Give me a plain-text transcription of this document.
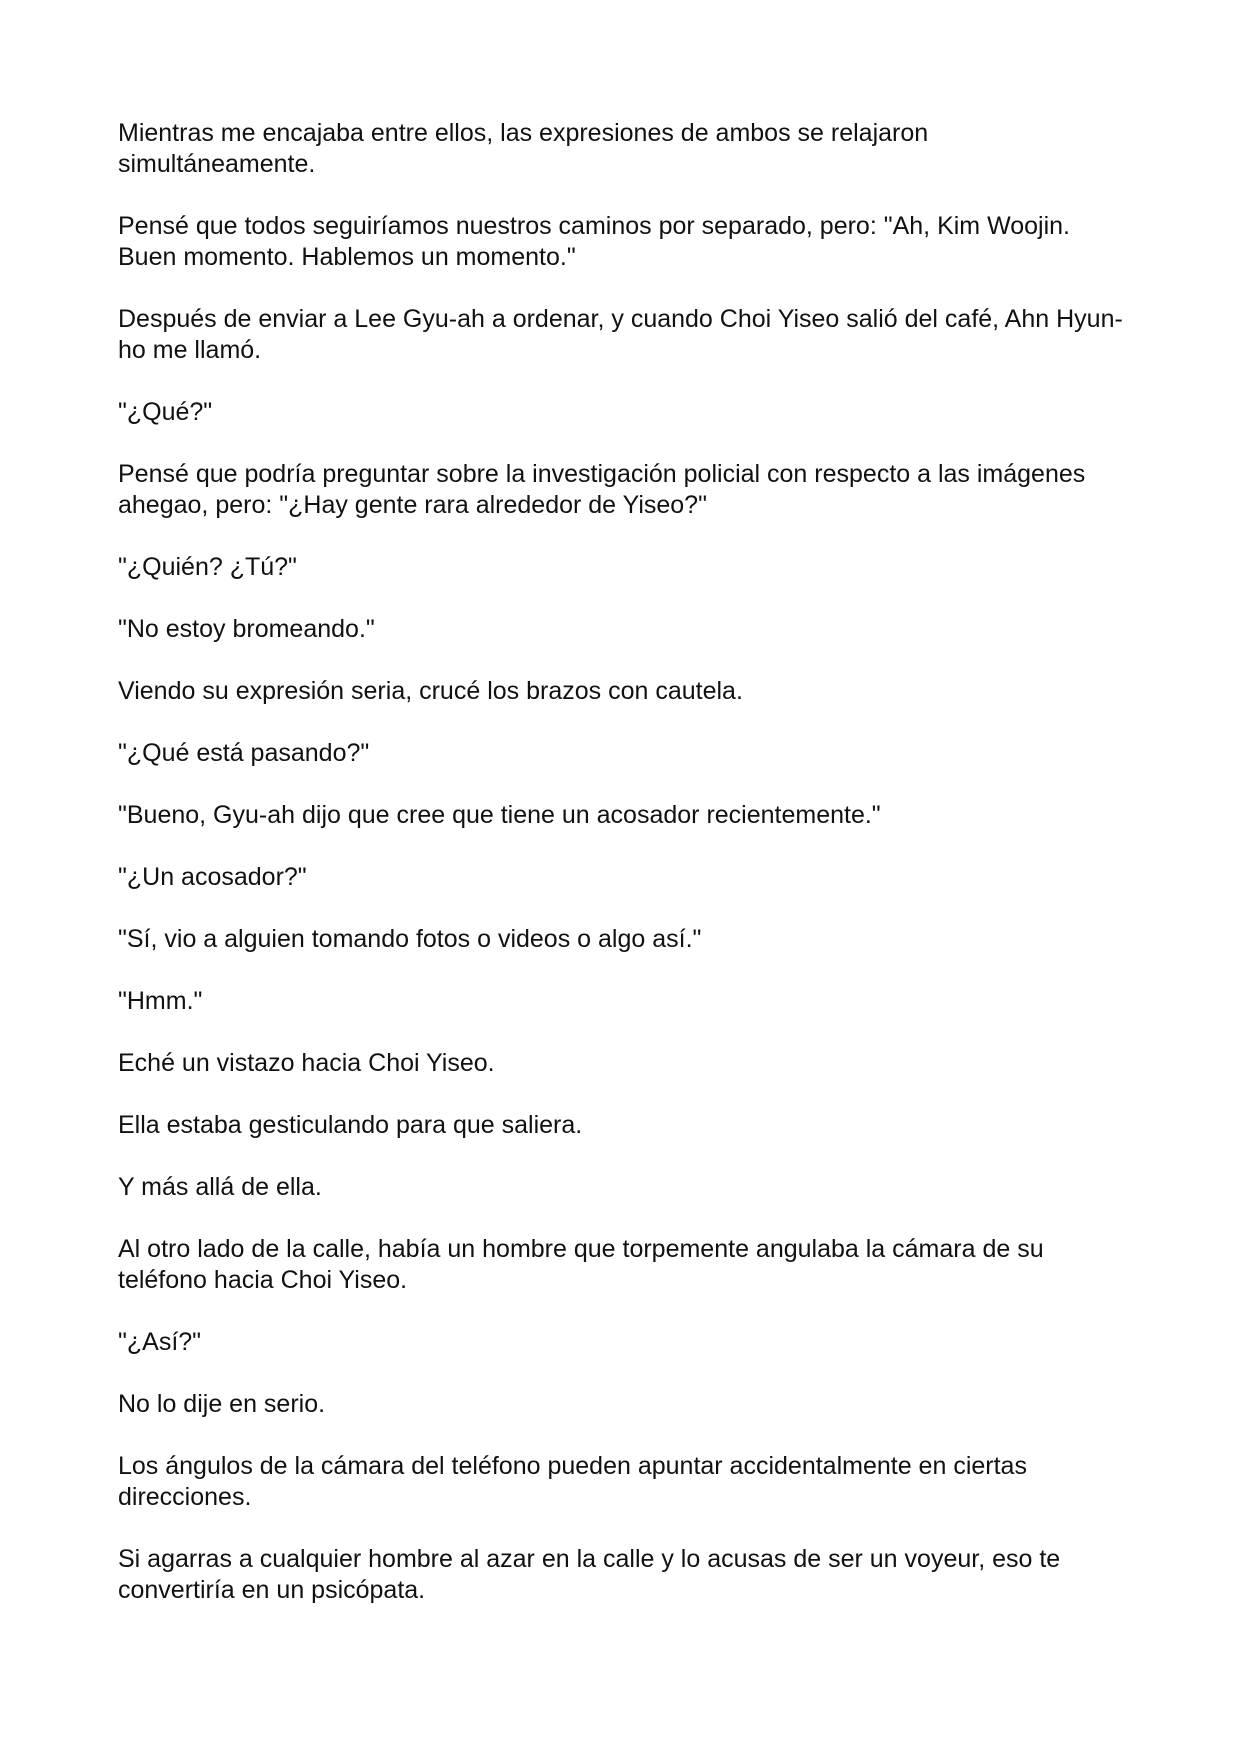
Mientras me encajaba entre ellos, las expresiones de ambos se relajaron simultáneamente.

Pensé que todos seguiríamos nuestros caminos por separado, pero: "Ah, Kim Woojin. Buen momento. Hablemos un momento."

Después de enviar a Lee Gyu-ah a ordenar, y cuando Choi Yiseo salió del café, Ahn Hyun-ho me llamó.

"¿Qué?"

Pensé que podría preguntar sobre la investigación policial con respecto a las imágenes ahegao, pero: "¿Hay gente rara alrededor de Yiseo?"

"¿Quién? ¿Tú?"

"No estoy bromeando."

Viendo su expresión seria, crucé los brazos con cautela.

"¿Qué está pasando?"

"Bueno, Gyu-ah dijo que cree que tiene un acosador recientemente."

"¿Un acosador?"

"Sí, vio a alguien tomando fotos o videos o algo así."

"Hmm."

Eché un vistazo hacia Choi Yiseo.

Ella estaba gesticulando para que saliera.

Y más allá de ella.

Al otro lado de la calle, había un hombre que torpemente angulaba la cámara de su teléfono hacia Choi Yiseo.

"¿Así?"

No lo dije en serio.

Los ángulos de la cámara del teléfono pueden apuntar accidentalmente en ciertas direcciones.

Si agarras a cualquier hombre al azar en la calle y lo acusas de ser un voyeur, eso te convertiría en un psicópata.
